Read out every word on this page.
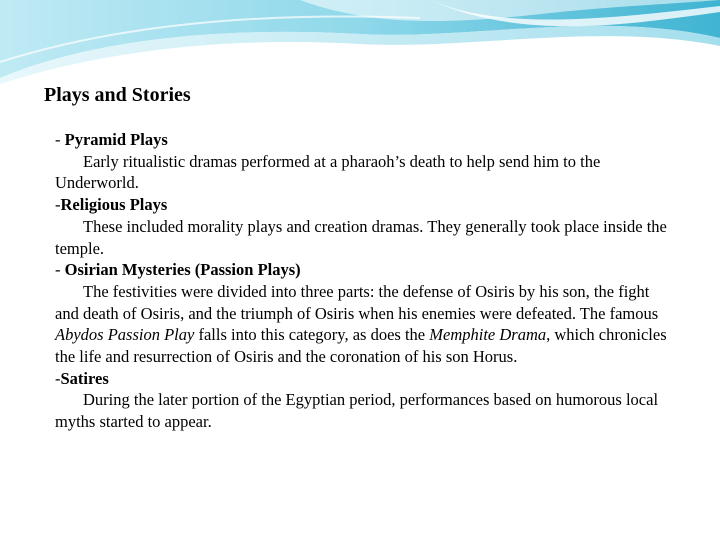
Plays and Stories

- Pyramid Plays

Early ritualistic dramas performed at a pharaoh’s death to help send him to the Underworld.

-Religious Plays

These included morality plays and creation dramas. They generally took place inside the temple.

- Osirian Mysteries (Passion Plays)

The festivities were divided into three parts: the defense of Osiris by his son, the fight and death of Osiris, and the triumph of Osiris when his enemies were defeated. The famous Abydos Passion Play falls into this category, as does the Memphite Drama, which chronicles the life and resurrection of Osiris and the coronation of his son Horus.

-Satires

During the later portion of the Egyptian period, performances based on humorous local myths started to appear.
